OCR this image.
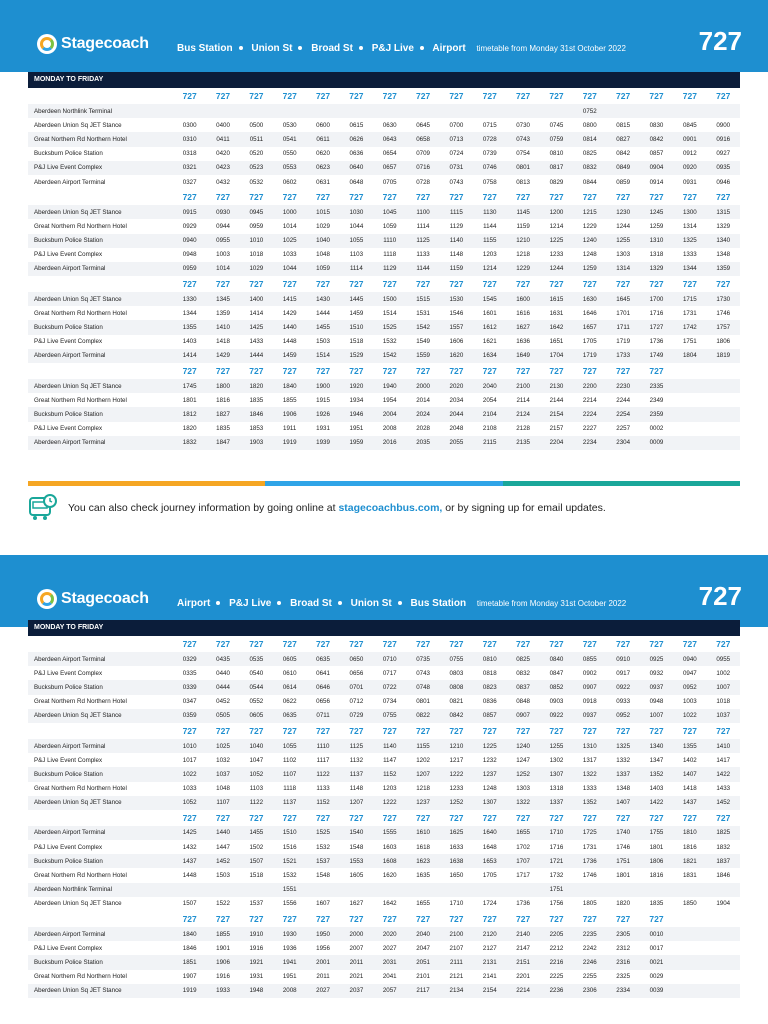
Stagecoach	Bus Station Union St Broad St P&J Live Airport timetable from Monday 31st October 2022	727
MONDAY TO FRIDAY
	727	727	727	727	727	727	727	727	727	727	727	727	727	727	727	727	727
Aberdeen Northlink Terminal													0752				
Aberdeen Union Sq JET Stance	0300	0400	0500	0530	0600	0615	0630	0645	0700	0715	0730	0745	0800	0815	0830	0845	0900
Great Northern Rd Northern Hotel	0310	0411	0511	0541	0611	0626	0643	0658	0713	0728	0743	0759	0814	0827	0842	0901	0916
Bucksburn Police Station	0318	0420	0520	0550	0620	0636	0654	0709	0724	0739	0754	0810	0825	0842	0857	0912	0927
P&J Live Event Complex	0321	0423	0523	0553	0623	0640	0657	0716	0731	0746	0801	0817	0832	0849	0904	0920	0935
Aberdeen Airport Terminal	0327	0432	0532	0602	0631	0648	0705	0728	0743	0758	0813	0829	0844	0859	0914	0931	0946
	727	727	727	727	727	727	727	727	727	727	727	727	727	727	727	727	727
Aberdeen Union Sq JET Stance	0915	0930	0945	1000	1015	1030	1045	1100	1115	1130	1145	1200	1215	1230	1245	1300	1315
Great Northern Rd Northern Hotel	0929	0944	0959	1014	1029	1044	1059	1114	1129	1144	1159	1214	1229	1244	1259	1314	1329
Bucksburn Police Station	0940	0955	1010	1025	1040	1055	1110	1125	1140	1155	1210	1225	1240	1255	1310	1325	1340
P&J Live Event Complex	0948	1003	1018	1033	1048	1103	1118	1133	1148	1203	1218	1233	1248	1303	1318	1333	1348
Aberdeen Airport Terminal	0959	1014	1029	1044	1059	1114	1129	1144	1159	1214	1229	1244	1259	1314	1329	1344	1359
	727	727	727	727	727	727	727	727	727	727	727	727	727	727	727	727	727
Aberdeen Union Sq JET Stance	1330	1345	1400	1415	1430	1445	1500	1515	1530	1545	1600	1615	1630	1645	1700	1715	1730
Great Northern Rd Northern Hotel	1344	1359	1414	1429	1444	1459	1514	1531	1546	1601	1616	1631	1646	1701	1716	1731	1746
Bucksburn Police Station	1355	1410	1425	1440	1455	1510	1525	1542	1557	1612	1627	1642	1657	1711	1727	1742	1757
P&J Live Event Complex	1403	1418	1433	1448	1503	1518	1532	1549	1606	1621	1636	1651	1705	1719	1736	1751	1806
Aberdeen Airport Terminal	1414	1429	1444	1459	1514	1529	1542	1559	1620	1634	1649	1704	1719	1733	1749	1804	1819
	727	727	727	727	727	727	727	727	727	727	727	727	727	727	727		
Aberdeen Union Sq JET Stance	1745	1800	1820	1840	1900	1920	1940	2000	2020	2040	2100	2130	2200	2230	2335		
Great Northern Rd Northern Hotel	1801	1816	1835	1855	1915	1934	1954	2014	2034	2054	2114	2144	2214	2244	2349		
Bucksburn Police Station	1812	1827	1846	1906	1926	1946	2004	2024	2044	2104	2124	2154	2224	2254	2359		
P&J Live Event Complex	1820	1835	1853	1911	1931	1951	2008	2028	2048	2108	2128	2157	2227	2257	0002		
Aberdeen Airport Terminal	1832	1847	1903	1919	1939	1959	2016	2035	2055	2115	2135	2204	2234	2304	0009		
You can also check journey information by going online at stagecoachbus.com, or by signing up for email updates.
Stagecoach	Airport P&J Live Broad St Union St Bus Station timetable from Monday 31st October 2022	727
MONDAY TO FRIDAY
	727	727	727	727	727	727	727	727	727	727	727	727	727	727	727	727	727
Aberdeen Airport Terminal	0329	0435	0535	0605	0635	0650	0710	0735	0755	0810	0825	0840	0855	0910	0925	0940	0955
P&J Live Event Complex	0335	0440	0540	0610	0641	0656	0717	0743	0803	0818	0832	0847	0902	0917	0932	0947	1002
Bucksburn Police Station	0339	0444	0544	0614	0646	0701	0722	0748	0808	0823	0837	0852	0907	0922	0937	0952	1007
Great Northern Rd Northern Hotel	0347	0452	0552	0622	0656	0712	0734	0801	0821	0836	0848	0903	0918	0933	0948	1003	1018
Aberdeen Union Sq JET Stance	0359	0505	0605	0635	0711	0729	0755	0822	0842	0857	0907	0922	0937	0952	1007	1022	1037
	727	727	727	727	727	727	727	727	727	727	727	727	727	727	727	727	727
Aberdeen Airport Terminal	1010	1025	1040	1055	1110	1125	1140	1155	1210	1225	1240	1255	1310	1325	1340	1355	1410
P&J Live Event Complex	1017	1032	1047	1102	1117	1132	1147	1202	1217	1232	1247	1302	1317	1332	1347	1402	1417
Bucksburn Police Station	1022	1037	1052	1107	1122	1137	1152	1207	1222	1237	1252	1307	1322	1337	1352	1407	1422
Great Northern Rd Northern Hotel	1033	1048	1103	1118	1133	1148	1203	1218	1233	1248	1303	1318	1333	1348	1403	1418	1433
Aberdeen Union Sq JET Stance	1052	1107	1122	1137	1152	1207	1222	1237	1252	1307	1322	1337	1352	1407	1422	1437	1452
	727	727	727	727	727	727	727	727	727	727	727	727	727	727	727	727	727
Aberdeen Airport Terminal	1425	1440	1455	1510	1525	1540	1555	1610	1625	1640	1655	1710	1725	1740	1755	1810	1825
P&J Live Event Complex	1432	1447	1502	1516	1532	1548	1603	1618	1633	1648	1702	1716	1731	1746	1801	1816	1832
Bucksburn Police Station	1437	1452	1507	1521	1537	1553	1608	1623	1638	1653	1707	1721	1736	1751	1806	1821	1837
Great Northern Rd Northern Hotel	1448	1503	1518	1532	1548	1605	1620	1635	1650	1705	1717	1732	1746	1801	1816	1831	1846
Aberdeen Northlink Terminal				1551								1751					
Aberdeen Union Sq JET Stance	1507	1522	1537	1556	1607	1627	1642	1655	1710	1724	1736	1756	1805	1820	1835	1850	1904
	727	727	727	727	727	727	727	727	727	727	727	727	727	727	727		
Aberdeen Airport Terminal	1840	1855	1910	1930	1950	2000	2020	2040	2100	2120	2140	2205	2235	2305	0010		
P&J Live Event Complex	1846	1901	1916	1936	1956	2007	2027	2047	2107	2127	2147	2212	2242	2312	0017		
Bucksburn Police Station	1851	1906	1921	1941	2001	2011	2031	2051	2111	2131	2151	2216	2246	2316	0021		
Great Northern Rd Northern Hotel	1907	1916	1931	1951	2011	2021	2041	2101	2121	2141	2201	2225	2255	2325	0029		
Aberdeen Union Sq JET Stance	1919	1933	1948	2008	2027	2037	2057	2117	2134	2154	2214	2236	2306	2334	0039		
